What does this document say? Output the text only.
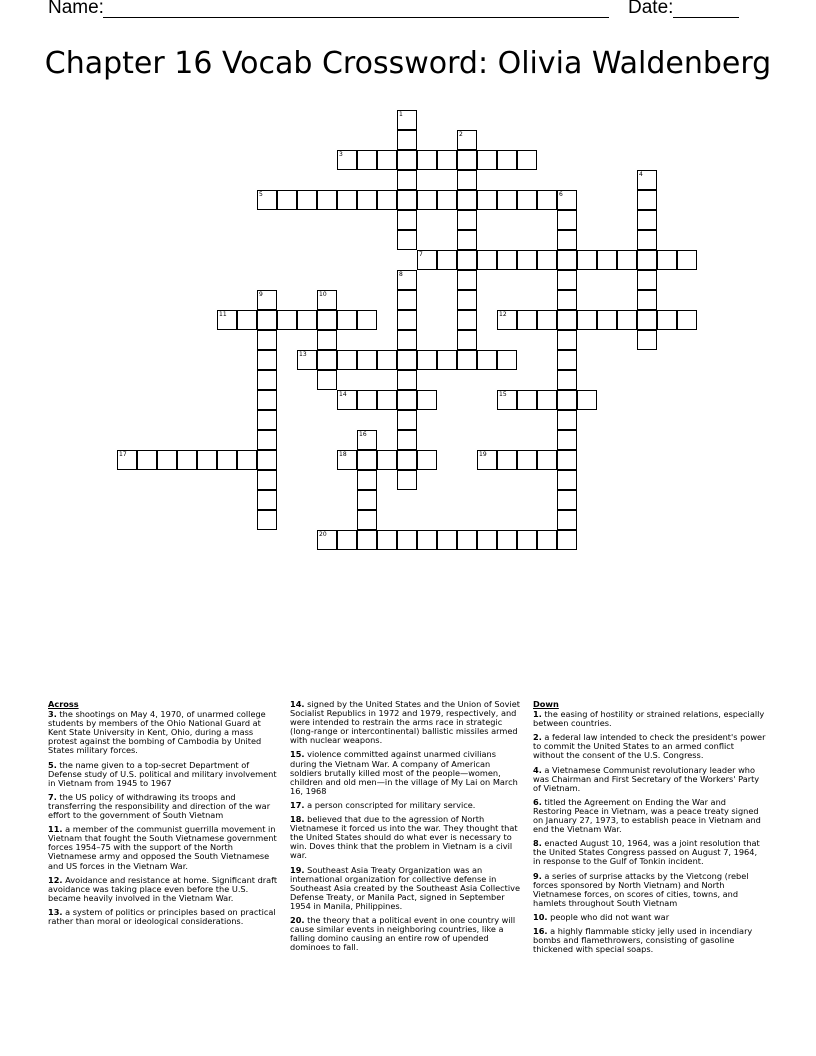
Name:	Date:
Chapter 16 Vocab Crossword: Olivia Waldenberg
1
2
3
4
5	6
7
8
9	10
11	12
13
14	15
16
17	18	19
20
Across
3. the shootings on May 4, 1970, of unarmed college students by members of the Ohio National Guard at Kent State University in Kent, Ohio, during a mass protest against the bombing of Cambodia by United States military forces.
5. the name given to a top-secret Department of Defense study of U.S. political and military involvement in Vietnam from 1945 to 1967
7. the US policy of withdrawing its troops and transferring the responsibility and direction of the war effort to the government of South Vietnam
11. a member of the communist guerrilla movement in Vietnam that fought the South Vietnamese government forces 1954–75 with the support of the North Vietnamese army and opposed the South Vietnamese and US forces in the Vietnam War.
12. Avoidance and resistance at home. Significant draft avoidance was taking place even before the U.S. became heavily involved in the Vietnam War.
13. a system of politics or principles based on practical rather than moral or ideological considerations.
14. signed by the United States and the Union of Soviet Socialist Republics in 1972 and 1979, respectively, and were intended to restrain the arms race in strategic (long-range or intercontinental) ballistic missiles armed with nuclear weapons.
15. violence committed against unarmed civilians during the Vietnam War. A company of American soldiers brutally killed most of the people—women, children and old men—in the village of My Lai on March 16, 1968
17. a person conscripted for military service.
18. believed that due to the agression of North Vietnamese it forced us into the war. They thought that the United States should do what ever is necessary to win. Doves think that the problem in Vietnam is a civil war.
19. Southeast Asia Treaty Organization was an international organization for collective defense in Southeast Asia created by the Southeast Asia Collective Defense Treaty, or Manila Pact, signed in September 1954 in Manila, Philippines.
20. the theory that a political event in one country will cause similar events in neighboring countries, like a falling domino causing an entire row of upended dominoes to fall.
Down
1. the easing of hostility or strained relations, especially between countries.
2. a federal law intended to check the president's power to commit the United States to an armed conflict without the consent of the U.S. Congress.
4. a Vietnamese Communist revolutionary leader who was Chairman and First Secretary of the Workers' Party of Vietnam.
6. titled the Agreement on Ending the War and Restoring Peace in Vietnam, was a peace treaty signed on January 27, 1973, to establish peace in Vietnam and end the Vietnam War.
8. enacted August 10, 1964, was a joint resolution that the United States Congress passed on August 7, 1964, in response to the Gulf of Tonkin incident.
9. a series of surprise attacks by the Vietcong (rebel forces sponsored by North Vietnam) and North Vietnamese forces, on scores of cities, towns, and hamlets throughout South Vietnam
10. people who did not want war
16. a highly flammable sticky jelly used in incendiary bombs and flamethrowers, consisting of gasoline thickened with special soaps.
